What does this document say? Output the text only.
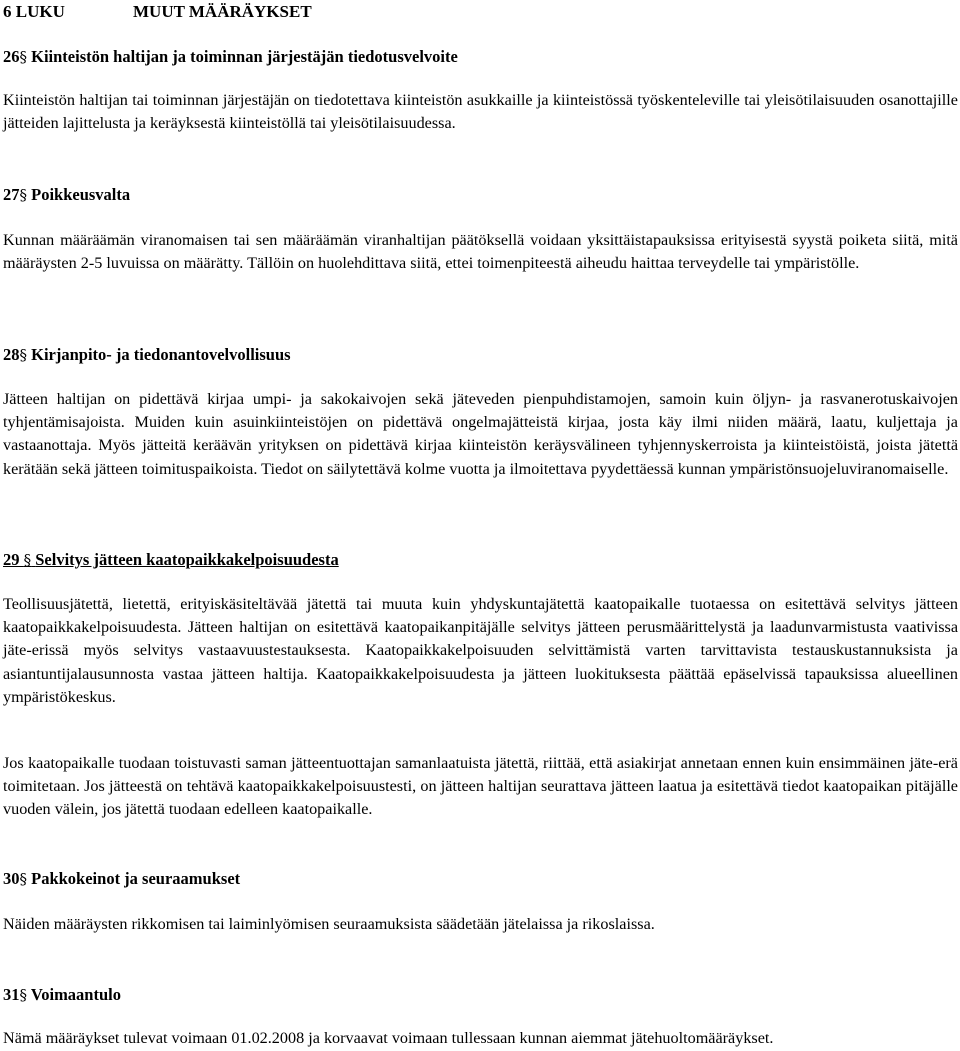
6 LUKU	MUUT MÄÄRÄYKSET
26§ Kiinteistön haltijan ja toiminnan järjestäjän tiedotusvelvoite

Kiinteistön haltijan tai toiminnan järjestäjän on tiedotettava kiinteistön asukkaille ja kiinteistössä työskenteleville tai yleisötilaisuuden osanottajille jätteiden lajittelusta ja keräyksestä kiinteistöllä tai yleisötilaisuudessa.

27§ Poikkeusvalta

Kunnan määräämän viranomaisen tai sen määräämän viranhaltijan päätöksellä voidaan yksittäistapauksissa erityisestä syystä poiketa siitä, mitä määräysten 2-5 luvuissa on määrätty. Tällöin on huolehdittava siitä, ettei toimenpiteestä aiheudu haittaa terveydelle tai ympäristölle.

28§ Kirjanpito- ja tiedonantovelvollisuus

Jätteen haltijan on pidettävä kirjaa umpi- ja sakokaivojen sekä jäteveden pienpuhdistamojen, samoin kuin öljyn- ja rasvanerotuskaivojen tyhjentämisajoista. Muiden kuin asuinkiinteistöjen on pidettävä ongelmajätteistä kirjaa, josta käy ilmi niiden määrä, laatu, kuljettaja ja vastaanottaja. Myös jätteitä keräävän yrityksen on pidettävä kirjaa kiinteistön keräysvälineen tyhjennyskerroista ja kiinteistöistä, joista jätettä kerätään sekä jätteen toimituspaikoista. Tiedot on säilytettävä kolme vuotta ja ilmoitettava pyydettäessä kunnan ympäristönsuojeluviranomaiselle.

29 § Selvitys jätteen kaatopaikkakelpoisuudesta

Teollisuusjätettä, lietettä, erityiskäsiteltävää jätettä tai muuta kuin yhdyskuntajätettä kaatopaikalle tuotaessa on esitettävä selvitys jätteen kaatopaikkakelpoisuudesta. Jätteen haltijan on esitettävä kaatopaikanpitäjälle selvitys jätteen perusmäärittelystä ja laadunvarmistusta vaativissa jäte-erissä myös selvitys vastaavuustestauksesta. Kaatopaikkakelpoisuuden selvittämistä varten tarvittavista testauskustannuksista ja asiantuntijalausunnosta vastaa jätteen haltija. Kaatopaikkakelpoisuudesta ja jätteen luokituksesta päättää epäselvissä tapauksissa alueellinen ympäristökeskus.

Jos kaatopaikalle tuodaan toistuvasti saman jätteentuottajan samanlaatuista jätettä, riittää, että asiakirjat annetaan ennen kuin ensimmäinen jäte-erä toimitetaan. Jos jätteestä on tehtävä kaatopaikkakelpoisuustesti, on jätteen haltijan seurattava jätteen laatua ja esitettävä tiedot kaatopaikan pitäjälle vuoden välein, jos jätettä tuodaan edelleen kaatopaikalle.

30§ Pakkokeinot ja seuraamukset

Näiden määräysten rikkomisen tai laiminlyömisen seuraamuksista säädetään jätelaissa ja rikoslaissa.

31§ Voimaantulo

Nämä määräykset tulevat voimaan 01.02.2008 ja korvaavat voimaan tullessaan kunnan aiemmat jätehuoltomääräykset.
